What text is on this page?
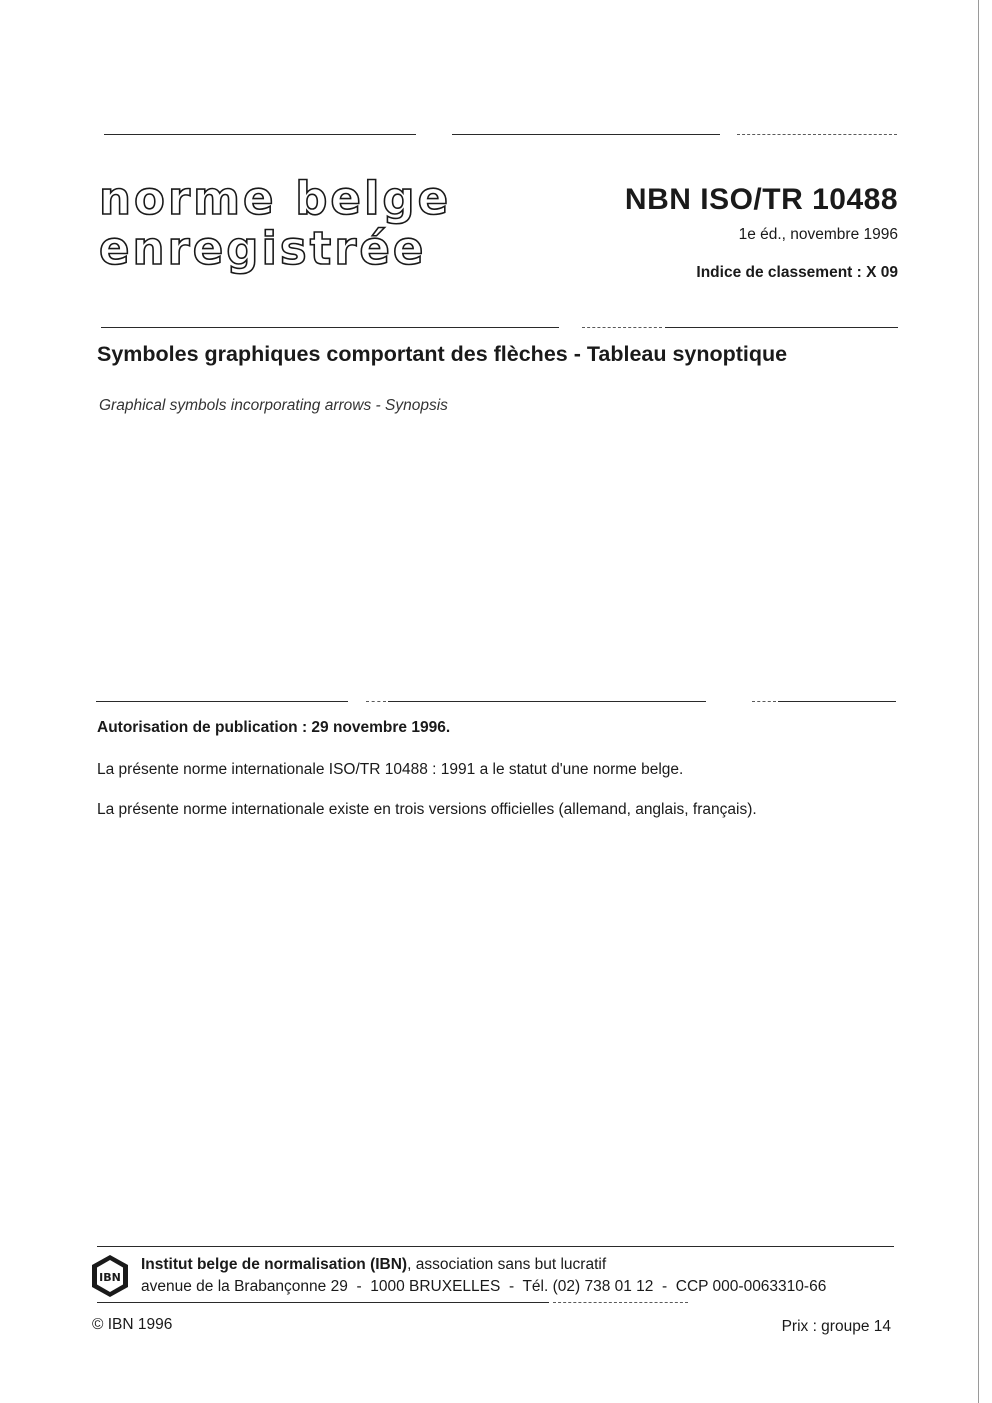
norme belge
enregistrée
NBN ISO/TR 10488
1e éd., novembre 1996
Indice de classement : X 09
Symboles graphiques comportant des flèches - Tableau synoptique
Graphical symbols incorporating arrows - Synopsis
Autorisation de publication : 29 novembre 1996.
La présente norme internationale ISO/TR 10488 : 1991 a le statut d'une norme belge.
La présente norme internationale existe en trois versions officielles (allemand, anglais, français).
IBN
Institut belge de normalisation (IBN), association sans but lucratif
avenue de la Brabançonne 29  -  1000 BRUXELLES  -  Tél. (02) 738 01 12  -  CCP 000-0063310-66
© IBN 1996	Prix : groupe 14
